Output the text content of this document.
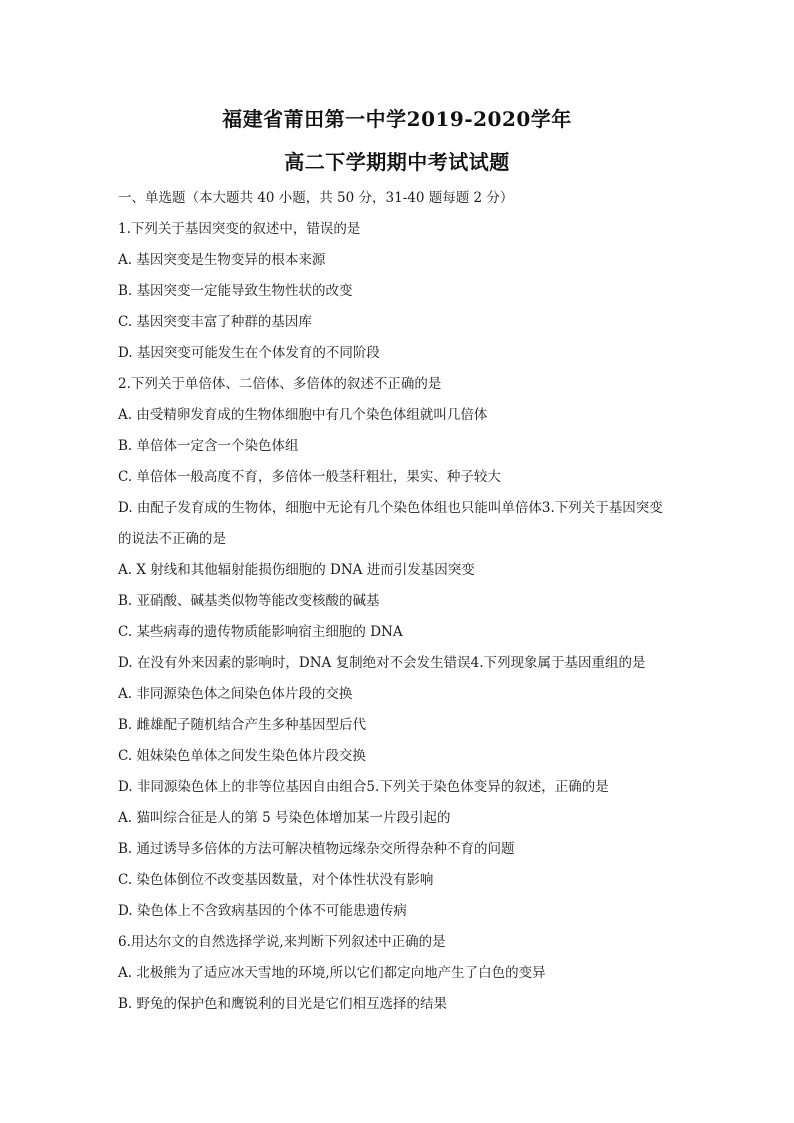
福建省莆田第一中学2019-2020学年
高二下学期期中考试试题
一、单选题（本大题共 40 小题，共 50 分，31-40 题每题 2 分）
1.下列关于基因突变的叙述中，错误的是
A. 基因突变是生物变异的根本来源
B. 基因突变一定能导致生物性状的改变
C. 基因突变丰富了种群的基因库
D. 基因突变可能发生在个体发育的不同阶段
2.下列关于单倍体、二倍体、多倍体的叙述不正确的是
A. 由受精卵发育成的生物体细胞中有几个染色体组就叫几倍体
B. 单倍体一定含一个染色体组
C. 单倍体一般高度不育，多倍体一般茎秆粗壮，果实、种子较大
D. 由配子发育成的生物体，细胞中无论有几个染色体组也只能叫单倍体3.下列关于基因突变
的说法不正确的是
A. X 射线和其他辐射能损伤细胞的 DNA 进而引发基因突变
B. 亚硝酸、碱基类似物等能改变核酸的碱基
C. 某些病毒的遗传物质能影响宿主细胞的 DNA
D. 在没有外来因素的影响时，DNA 复制绝对不会发生错误4.下列现象属于基因重组的是
A. 非同源染色体之间染色体片段的交换
B. 雌雄配子随机结合产生多种基因型后代
C. 姐妹染色单体之间发生染色体片段交换
D. 非同源染色体上的非等位基因自由组合5.下列关于染色体变异的叙述，正确的是
A. 猫叫综合征是人的第 5 号染色体增加某一片段引起的
B. 通过诱导多倍体的方法可解决植物远缘杂交所得杂种不育的问题
C. 染色体倒位不改变基因数量，对个体性状没有影响
D. 染色体上不含致病基因的个体不可能患遗传病
6.用达尔文的自然选择学说,来判断下列叙述中正确的是
A. 北极熊为了适应冰天雪地的环境,所以它们都定向地产生了白色的变异
B. 野兔的保护色和鹰锐利的目光是它们相互选择的结果
